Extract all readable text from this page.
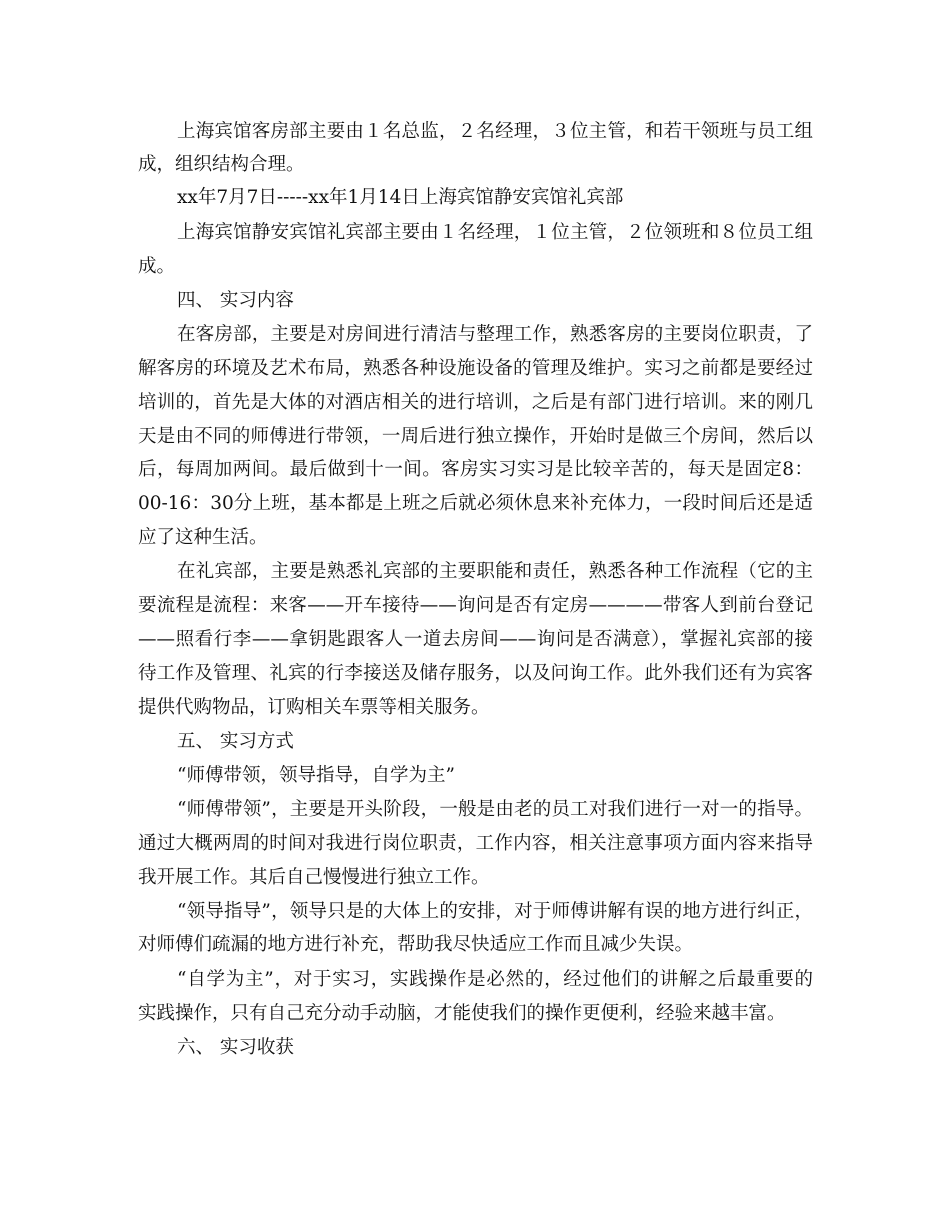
上海宾馆客房部主要由１名总监，２名经理，３位主管，和若干领班与员工组

成，组织结构合理。

xx年7月7日-----xx年1月14日上海宾馆静安宾馆礼宾部

上海宾馆静安宾馆礼宾部主要由１名经理，１位主管，２位领班和８位员工组

成。

四、 实习内容

在客房部，主要是对房间进行清洁与整理工作，熟悉客房的主要岗位职责，了

解客房的环境及艺术布局，熟悉各种设施设备的管理及维护。实习之前都是要经过

培训的，首先是大体的对酒店相关的进行培训，之后是有部门进行培训。来的刚几

天是由不同的师傅进行带领，一周后进行独立操作，开始时是做三个房间，然后以

后，每周加两间。最后做到十一间。客房实习实习是比较辛苦的，每天是固定8：

00-16：30分上班，基本都是上班之后就必须休息来补充体力，一段时间后还是适

应了这种生活。

在礼宾部，主要是熟悉礼宾部的主要职能和责任，熟悉各种工作流程（它的主

要流程是流程：来客——开车接待——询问是否有定房————带客人到前台登记

——照看行李——拿钥匙跟客人一道去房间——询问是否满意），掌握礼宾部的接

待工作及管理、礼宾的行李接送及储存服务，以及问询工作。此外我们还有为宾客

提供代购物品，订购相关车票等相关服务。

五、 实习方式

“师傅带领，领导指导，自学为主”

“师傅带领”，主要是开头阶段，一般是由老的员工对我们进行一对一的指导。

通过大概两周的时间对我进行岗位职责，工作内容，相关注意事项方面内容来指导

我开展工作。其后自己慢慢进行独立工作。

“领导指导”，领导只是的大体上的安排，对于师傅讲解有误的地方进行纠正，

对师傅们疏漏的地方进行补充，帮助我尽快适应工作而且减少失误。

“自学为主”，对于实习，实践操作是必然的，经过他们的讲解之后最重要的

实践操作，只有自己充分动手动脑，才能使我们的操作更便利，经验来越丰富。

六、 实习收获
